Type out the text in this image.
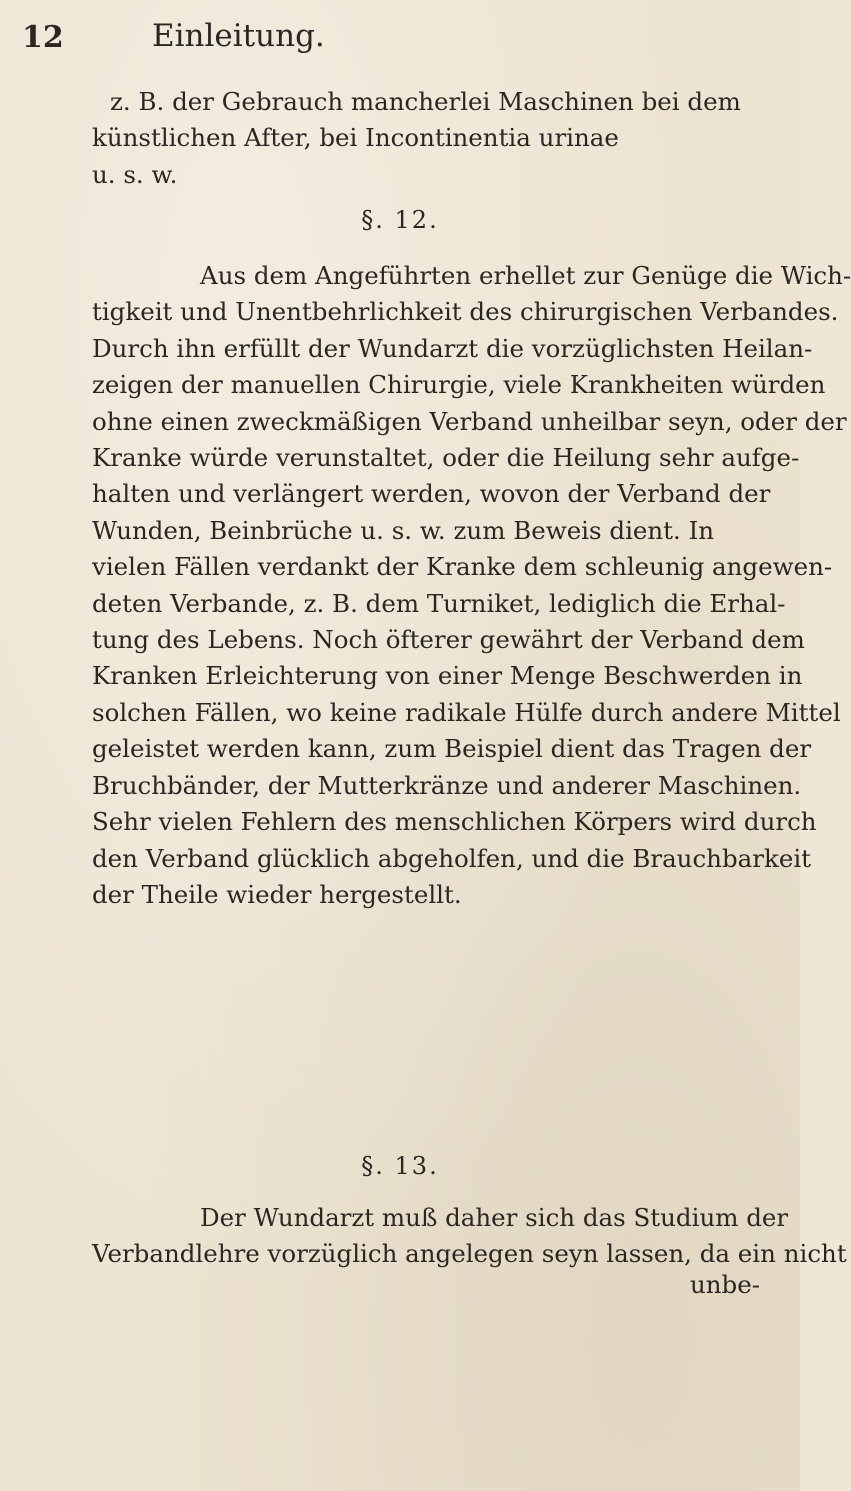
12	Einleitung.
z. B. der Gebrauch mancherlei Maschinen bei dem
künstlichen After, bei Incontinentia urinae
u. s. w.
§. 12.
Aus dem Angeführten erhellet zur Genüge die Wich-
tigkeit und Unentbehrlichkeit des chirurgischen Verbandes.
Durch ihn erfüllt der Wundarzt die vorzüglichsten Heilan-
zeigen der manuellen Chirurgie, viele Krankheiten würden
ohne einen zweckmäßigen Verband unheilbar seyn, oder der
Kranke würde verunstaltet, oder die Heilung sehr aufge-
halten und verlängert werden, wovon der Verband der
Wunden, Beinbrüche u. s. w. zum Beweis dient. In
vielen Fällen verdankt der Kranke dem schleunig angewen-
deten Verbande, z. B. dem Turniket, lediglich die Erhal-
tung des Lebens. Noch öfterer gewährt der Verband dem
Kranken Erleichterung von einer Menge Beschwerden in
solchen Fällen, wo keine radikale Hülfe durch andere Mittel
geleistet werden kann, zum Beispiel dient das Tragen der
Bruchbänder, der Mutterkränze und anderer Maschinen.
Sehr vielen Fehlern des menschlichen Körpers wird durch
den Verband glücklich abgeholfen, und die Brauchbarkeit
der Theile wieder hergestellt.
§. 13.
Der Wundarzt muß daher sich das Studium der
Verbandlehre vorzüglich angelegen seyn lassen, da ein nicht
unbe-
